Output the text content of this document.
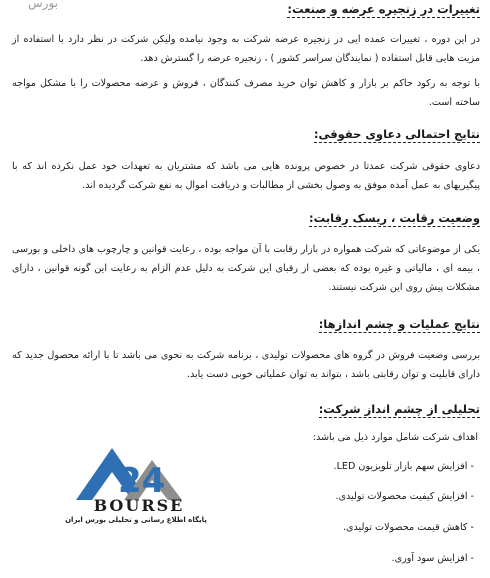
بورس	تغییرات در زنجیره عرضه و صنعت:
در این دوره ، تغییرات عمده ایی در زنجیره عرضه شرکت به وجود نیامده ولیکن شرکت در نظر دارد با استفاده از مزیت هایی قابل استفاده ( نمایندگان سراسر کشور ) ، زنجیره عرضه را گسترش دهد.
با توجه به رکود حاکم بر بازار و کاهش توان خرید مصرف کنندگان ، فروش و عرضه محصولات را با مشکل مواجه ساخته است.
نتایج احتمالی دعاوی حقوقی:
دعاوی حقوقی شرکت عمدتا در خصوص پرونده هایی می باشد که مشتریان به تعهدات خود عمل نکرده اند که با پیگیریهای به عمل آمده موفق به وصول بخشی از مطالبات و دریافت اموال به نفع شرکت گردیده اند.
وضعیت رقابت ، ریسک رقابت:
یکی از موضوعاتی که شرکت همواره در بازار رقابت با آن مواجه بوده ، رعایت قوانین و چارچوب های داخلی و بورسی ، بیمه ای ، مالیاتی و غیره بوده که بعضی از رقبای این شرکت به دلیل عدم الزام به رعایت این گونه قوانین ، دارای مشکلات پیش روی این شرکت نیستند.
نتایج عملیات و چشم اندازها:
بررسی وضعیت فروش در گروه های محصولات تولیدی ، برنامه شرکت به نحوی می باشد تا با ارائه محصول جدید که دارای قابلیت و توان رقابتی باشد ، بتواند به توان عملیاتی خوبی دست یابد.
تحلیلی از چشم انداز شرکت:
اهداف شرکت شامل موارد ذیل می باشد:
- افزایش سهم بازار تلویزیون LED.
- افزایش کیفیت محصولات تولیدی.
- کاهش قیمت محصولات تولیدی.
- افزایش سود آوری.
24
BOURSE
پایگاه اطلاع رسانی و تحلیلی بورس ایران
